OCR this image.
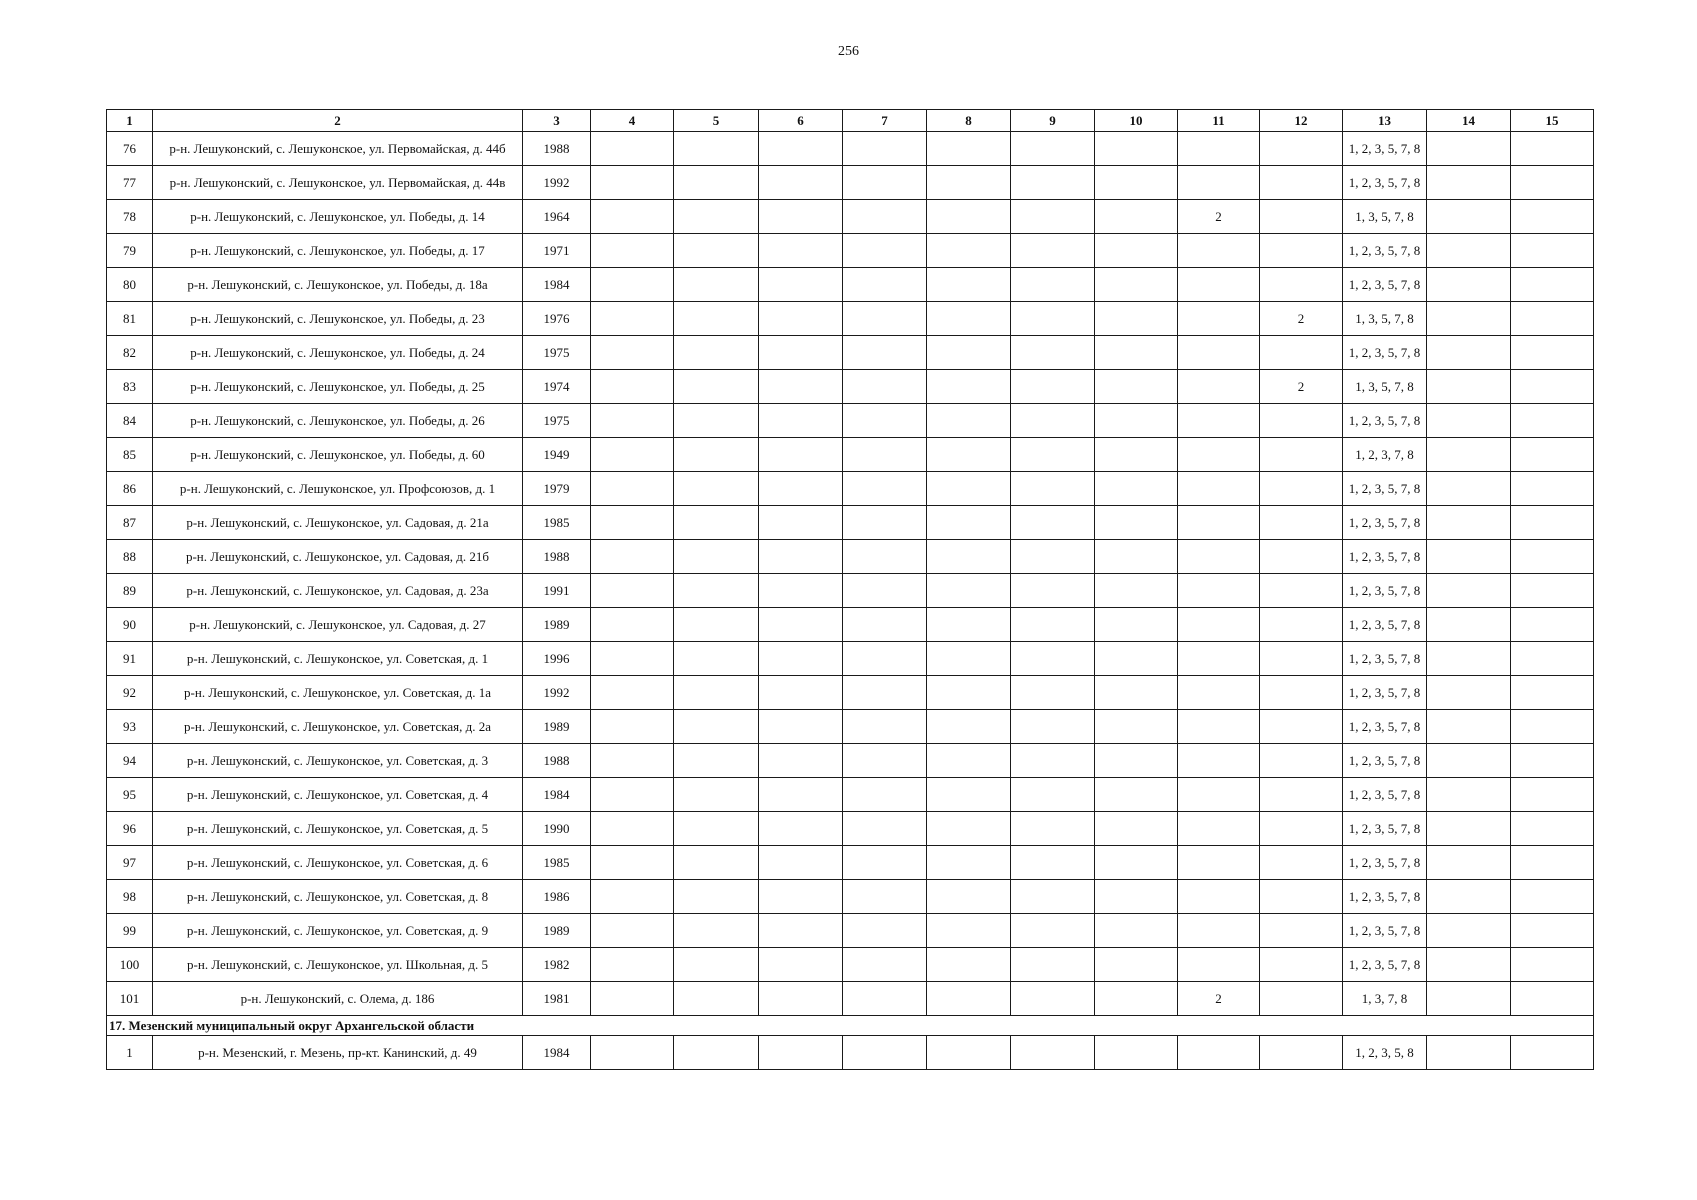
256
1	2	3	4	5	6	7	8	9	10	11	12	13	14	15
76	р-н. Лешуконский, с. Лешуконское, ул. Первомайская, д. 44б	1988										1, 2, 3, 5, 7, 8		
77	р-н. Лешуконский, с. Лешуконское, ул. Первомайская, д. 44в	1992										1, 2, 3, 5, 7, 8		
78	р-н. Лешуконский, с. Лешуконское, ул. Победы, д. 14	1964								2		1, 3, 5, 7, 8		
79	р-н. Лешуконский, с. Лешуконское, ул. Победы, д. 17	1971										1, 2, 3, 5, 7, 8		
80	р-н. Лешуконский, с. Лешуконское, ул. Победы, д. 18а	1984										1, 2, 3, 5, 7, 8		
81	р-н. Лешуконский, с. Лешуконское, ул. Победы, д. 23	1976									2	1, 3, 5, 7, 8		
82	р-н. Лешуконский, с. Лешуконское, ул. Победы, д. 24	1975										1, 2, 3, 5, 7, 8		
83	р-н. Лешуконский, с. Лешуконское, ул. Победы, д. 25	1974									2	1, 3, 5, 7, 8		
84	р-н. Лешуконский, с. Лешуконское, ул. Победы, д. 26	1975										1, 2, 3, 5, 7, 8		
85	р-н. Лешуконский, с. Лешуконское, ул. Победы, д. 60	1949										1, 2, 3, 7, 8		
86	р-н. Лешуконский, с. Лешуконское, ул. Профсоюзов, д. 1	1979										1, 2, 3, 5, 7, 8		
87	р-н. Лешуконский, с. Лешуконское, ул. Садовая, д. 21а	1985										1, 2, 3, 5, 7, 8		
88	р-н. Лешуконский, с. Лешуконское, ул. Садовая, д. 21б	1988										1, 2, 3, 5, 7, 8		
89	р-н. Лешуконский, с. Лешуконское, ул. Садовая, д. 23а	1991										1, 2, 3, 5, 7, 8		
90	р-н. Лешуконский, с. Лешуконское, ул. Садовая, д. 27	1989										1, 2, 3, 5, 7, 8		
91	р-н. Лешуконский, с. Лешуконское, ул. Советская, д. 1	1996										1, 2, 3, 5, 7, 8		
92	р-н. Лешуконский, с. Лешуконское, ул. Советская, д. 1а	1992										1, 2, 3, 5, 7, 8		
93	р-н. Лешуконский, с. Лешуконское, ул. Советская, д. 2а	1989										1, 2, 3, 5, 7, 8		
94	р-н. Лешуконский, с. Лешуконское, ул. Советская, д. 3	1988										1, 2, 3, 5, 7, 8		
95	р-н. Лешуконский, с. Лешуконское, ул. Советская, д. 4	1984										1, 2, 3, 5, 7, 8		
96	р-н. Лешуконский, с. Лешуконское, ул. Советская, д. 5	1990										1, 2, 3, 5, 7, 8		
97	р-н. Лешуконский, с. Лешуконское, ул. Советская, д. 6	1985										1, 2, 3, 5, 7, 8		
98	р-н. Лешуконский, с. Лешуконское, ул. Советская, д. 8	1986										1, 2, 3, 5, 7, 8		
99	р-н. Лешуконский, с. Лешуконское, ул. Советская, д. 9	1989										1, 2, 3, 5, 7, 8		
100	р-н. Лешуконский, с. Лешуконское, ул. Школьная, д. 5	1982										1, 2, 3, 5, 7, 8		
101	р-н. Лешуконский, с. Олема, д. 186	1981								2		1, 3, 7, 8		
17. Мезенский муниципальный округ Архангельской области														
1	р-н. Мезенский, г. Мезень, пр-кт. Канинский, д. 49	1984										1, 2, 3, 5, 8		
